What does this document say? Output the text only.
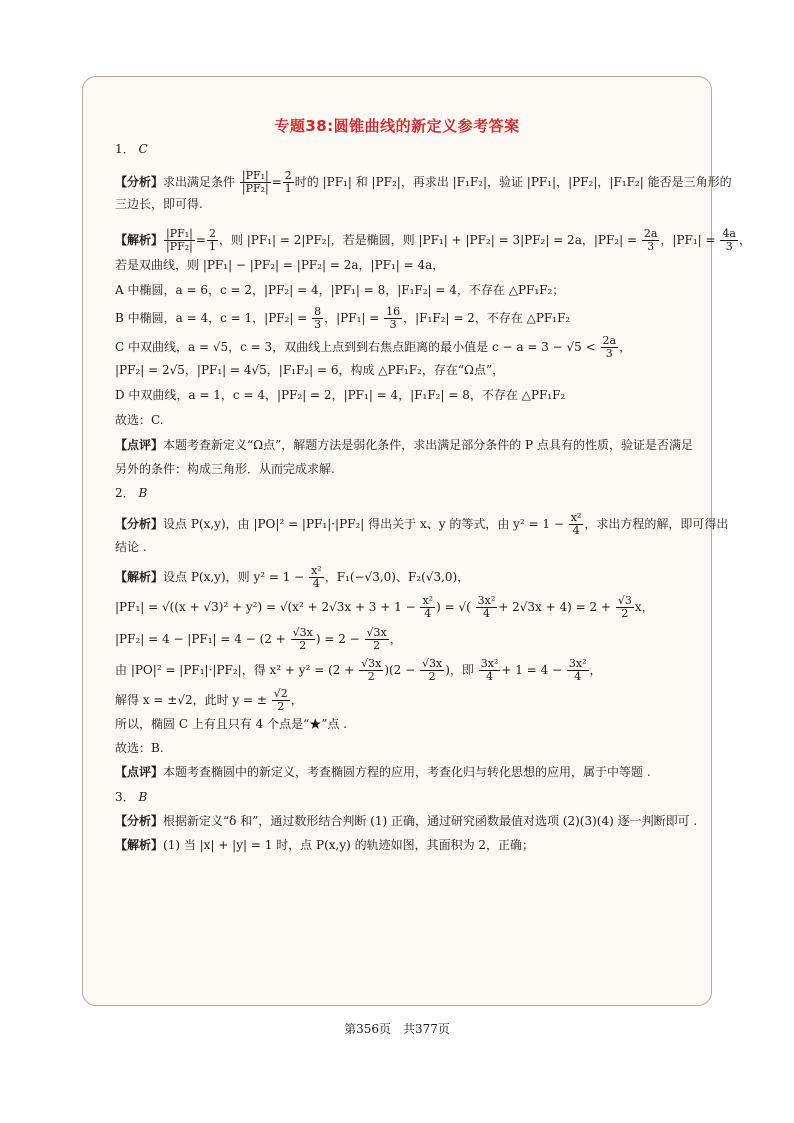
专题38:圆锥曲线的新定义参考答案
1． C
【分析】求出满足条件 $\frac{\text{|PF₁|}}{\text{|PF₂|}} = \frac{2}{1}$ 时的 |PF₁| 和 |PF₂|，再求出 |F₁F₂|，验证 |PF₁|，|PF₂|，|F₁F₂| 能否是三角形的
三边长，即可得.
【解析】 $\frac{\text{|PF₁|}}{\text{|PF₂|}} = \frac{2}{1}$ ，则 |PF₁| = 2|PF₂|，若是椭圆，则 |PF₁| + |PF₂| = 3|PF₂| = 2a，$|PF_2| = \frac{2a}{3}$ ，$|PF_1| = \frac{4a}{3}$ ，
若是双曲线，则 |PF₁| − |PF₂| = |PF₂| = 2a，|PF₁| = 4a，
A 中椭圆，a = 6，c = 2，|PF₂| = 4，|PF₁| = 8，|F₁F₂| = 4，不存在 △PF₁F₂；
B 中椭圆，a = 4，c = 1，$|PF_2| = \frac{8}{3}$ ，$|PF_1| = \frac{16}{3}$ ，|F₁F₂| = 2，不存在 △PF₁F₂
C 中双曲线，a = √5，c = 3，双曲线上点到到右焦点距离的最小值是 $c - a = 3 - √5 < \frac{2a}{3}$ ，
|PF₂| = 2√5，|PF₁| = 4√5，|F₁F₂| = 6，构成 △PF₁F₂，存在“Ω点”，
D 中双曲线，a = 1，c = 4，|PF₂| = 2，|PF₁| = 4，|F₁F₂| = 8，不存在 △PF₁F₂
故选：C.
【点评】本题考查新定义“Ω点”，解题方法是弱化条件，求出满足部分条件的 P 点具有的性质，验证是否满足
另外的条件：构成三角形．从而完成求解.
2． B
【分析】设点 P(x,y)，由 |PO|² = |PF₁|·|PF₂| 得出关于 x、y 的等式，由 $y^2 = 1 - \frac{\text{x²}}{4}$ ，求出方程的解，即可得出
结论 .
【解析】设点 P(x,y)，则 $y^2 = 1 - \frac{\text{x²}}{4}$ ，F₁(−√3,0)、F₂(√3,0)，
$|PF_1| = √((x + √3)^2 + y^2) = √(x^2 + 2√3x + 3 + 1 - \frac{\text{x²}}{4}$ ) = √( $\frac{\text{3x²}}{4} + 2√3x + 4) = 2 + \frac{√3}{2}$ x，
$|PF_2| = 4 - |PF_1| = 4 - (2 + \frac{√3x}{2}$ ) = $2 - \frac{√3x}{2}$ ，
由 |PO|² = |PF₁|·|PF₂|，得 $x^2 + y^2 = (2 + \frac{√3x}{2} )(2 - \frac{√3x}{2}$ )，即 $\frac{\text{3x²}}{4} + 1 = 4 - \frac{\text{3x²}}{4}$ ，
解得 x = ±√2，此时 y = ± $\frac{√2}{2}$ ，
所以，椭圆 C 上有且只有 4 个点是“★”点 .
故选：B.
【点评】本题考查椭圆中的新定义，考查椭圆方程的应用，考查化归与转化思想的应用，属于中等题 .
3． B
【分析】根据新定义“δ 和”，通过数形结合判断 (1) 正确，通过研究函数最值对选项 (2)(3)(4) 逐一判断即可 .
【解析】(1) 当 |x| + |y| = 1 时，点 P(x,y) 的轨迹如图，其面积为 2，正确；
第356页　共377页
